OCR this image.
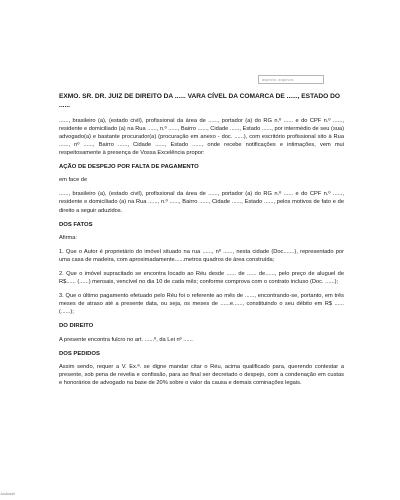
aspecto: arquivos
EXMO. SR. DR. JUIZ DE DIREITO DA ...... VARA CÍVEL DA COMARCA DE ......, ESTADO DO ......

......, brasileiro (a), (estado civil), profissional da área de ......, portador (a) do RG n.º ...... e do CPF n.º ......, residente e domiciliado (a) na Rua ......, n.º ......, Bairro ......, Cidade ......, Estado ......, por intermédio de seu (sua) advogado(a) e bastante procurador(a) (procuração em anexo - doc. ......), com escritório profissional sito à Rua ......, nº ......, Bairro ......, Cidade ......, Estado ......, onde recebe notificações e intimações, vem mui respeitosamente à presença de Vossa Excelência propor:

AÇÃO DE DESPEJO POR FALTA DE PAGAMENTO

em face de

......, brasileiro (a), (estado civil), profissional da área de ......, portador (a) do RG n.º ...... e do CPF n.º ......, residente e domiciliado (a) na Rua ......, n.º ......, Bairro ......, Cidade ......, Estado ......, pelos motivos de fato e de direito a seguir aduzidos.

DOS FATOS

Afirma:

1. Que o Autor é proprietário do imóvel situado na rua ......, nº ......, nesta cidade (Doc.......), representado por uma casa de madeira, com aproximadamente......metros quadros de área construída;

2. Que o imóvel supracitado se encontra locado ao Réu desde ...... de ...... de......, pelo preço de aluguel de R$...... (......) mensais, vencível no dia 10 de cada mês; conforme comprova com o contrato incluso (Doc. ......);

3. Que o último pagamento efetuado pelo Réu foi o referente ao mês de ......, encontrando-se, portanto, em três meses de atraso até a presente data, ou seja, os meses de ......e......, constituindo o seu débito em R$ ...... (......);

DO DIREITO

A presente encontra fulcro no art. ......º, da Lei nº ......

DOS PEDIDOS

Assim sendo, requer a V. Ex.ª. se digne mandar citar o Réu, acima qualificado para, querendo contestar a presente, sob pena de revelia e confissão, para ao final ser decretado o despejo, com a condenação em custas e honorários de advogado na base de 20% sobre o valor da causa e demais cominações legais.

Jusbrasil
